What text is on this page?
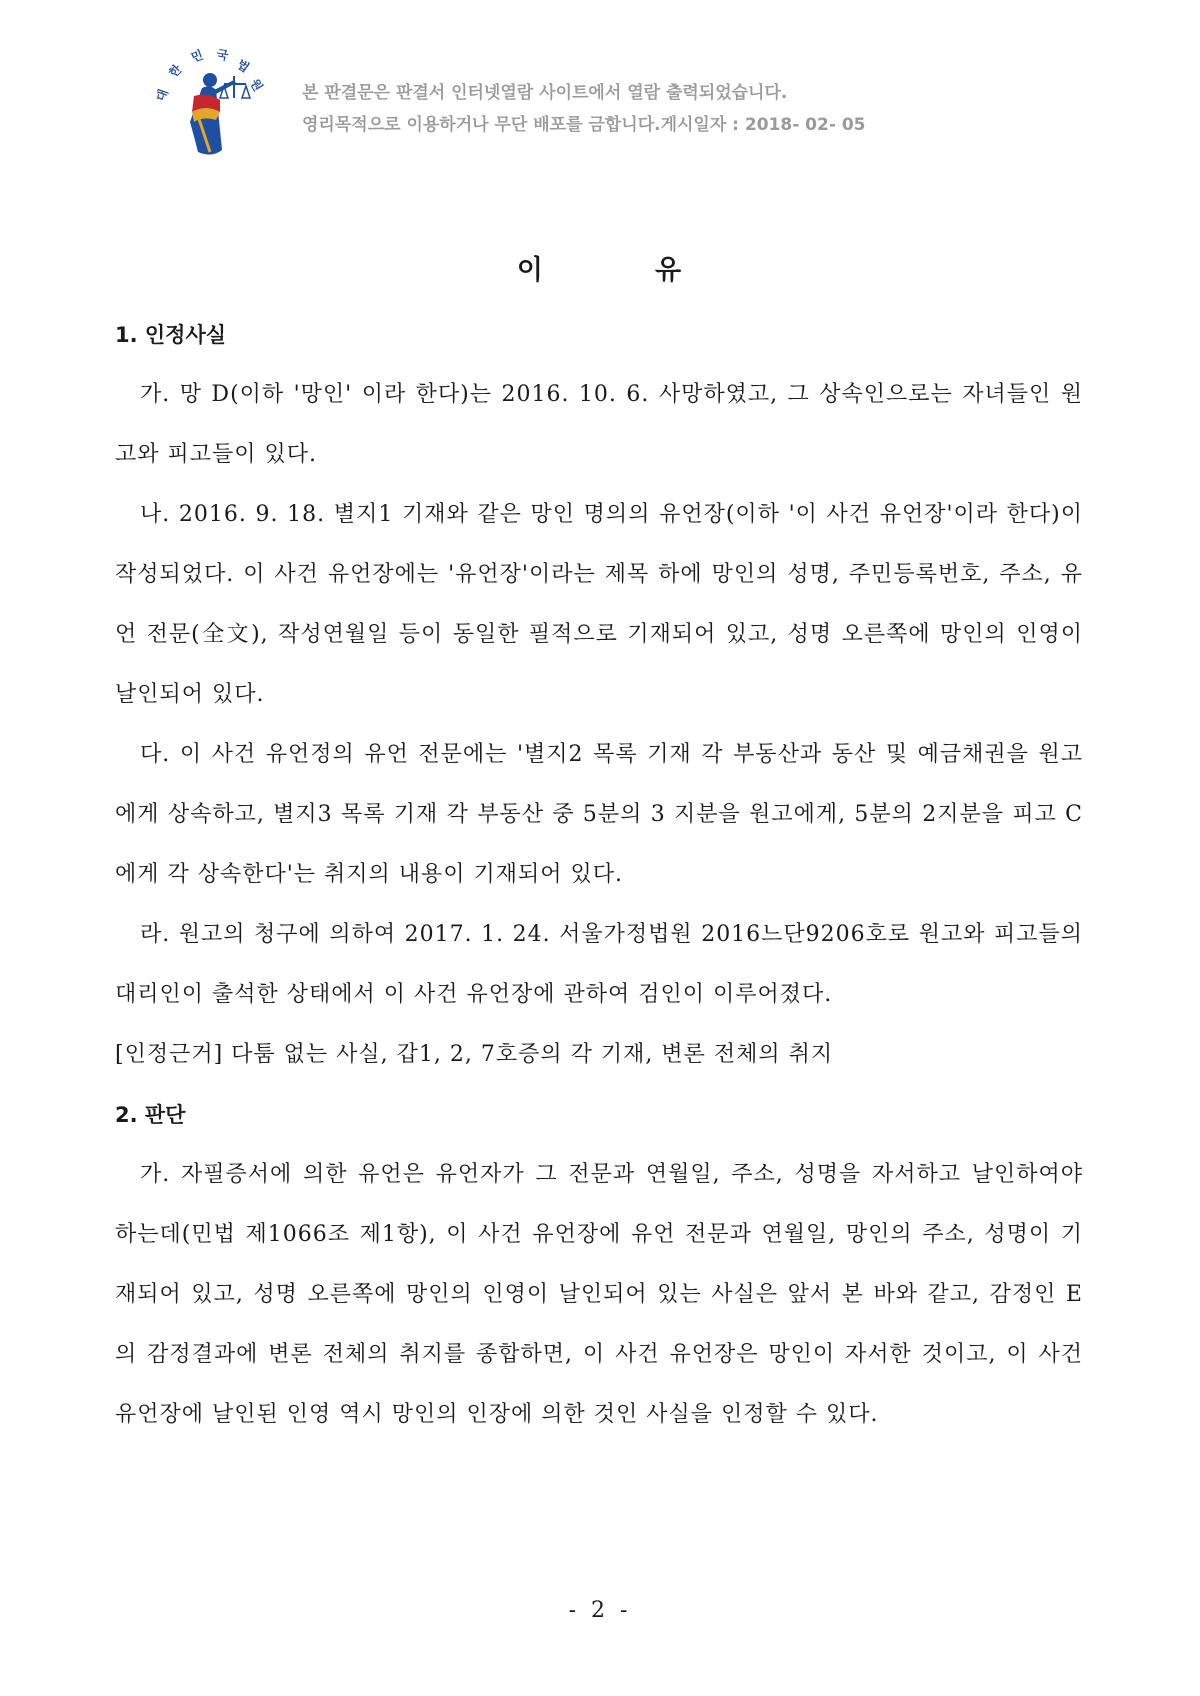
대
한
민 국
법
원 본 판결문은 판결서 인터넷열람 사이트에서 열람 출력되었습니다.
영리목적으로 이용하거나 무단 배포를 금합니다.게시일자 : 2018- 02- 05
이	유
1. 인정사실

가. 망 D(이하 '망인' 이라 한다)는 2016. 10. 6. 사망하였고, 그 상속인으로는 자녀들인 원고와 피고들이 있다.

나. 2016. 9. 18. 별지1 기재와 같은 망인 명의의 유언장(이하 '이 사건 유언장'이라 한다)이 작성되었다. 이 사건 유언장에는 '유언장'이라는 제목 하에 망인의 성명, 주민등록번호, 주소, 유언 전문(全文), 작성연월일 등이 동일한 필적으로 기재되어 있고, 성명 오른쪽에 망인의 인영이 날인되어 있다.

다. 이 사건 유언정의 유언 전문에는 '별지2 목록 기재 각 부동산과 동산 및 예금채권을 원고에게 상속하고, 별지3 목록 기재 각 부동산 중 5분의 3 지분을 원고에게, 5분의 2지분을 피고 C에게 각 상속한다'는 취지의 내용이 기재되어 있다.

라. 원고의 청구에 의하여 2017. 1. 24. 서울가정법원 2016느단9206호로 원고와 피고들의 대리인이 출석한 상태에서 이 사건 유언장에 관하여 검인이 이루어졌다.

[인정근거] 다툼 없는 사실, 갑1, 2, 7호증의 각 기재, 변론 전체의 취지

2. 판단

가. 자필증서에 의한 유언은 유언자가 그 전문과 연월일, 주소, 성명을 자서하고 날인하여야 하는데(민법 제1066조 제1항), 이 사건 유언장에 유언 전문과 연월일, 망인의 주소, 성명이 기재되어 있고, 성명 오른쪽에 망인의 인영이 날인되어 있는 사실은 앞서 본 바와 같고, 감정인 E의 감정결과에 변론 전체의 취지를 종합하면, 이 사건 유언장은 망인이 자서한 것이고, 이 사건 유언장에 날인된 인영 역시 망인의 인장에 의한 것인 사실을 인정할 수 있다.

- 2 -
